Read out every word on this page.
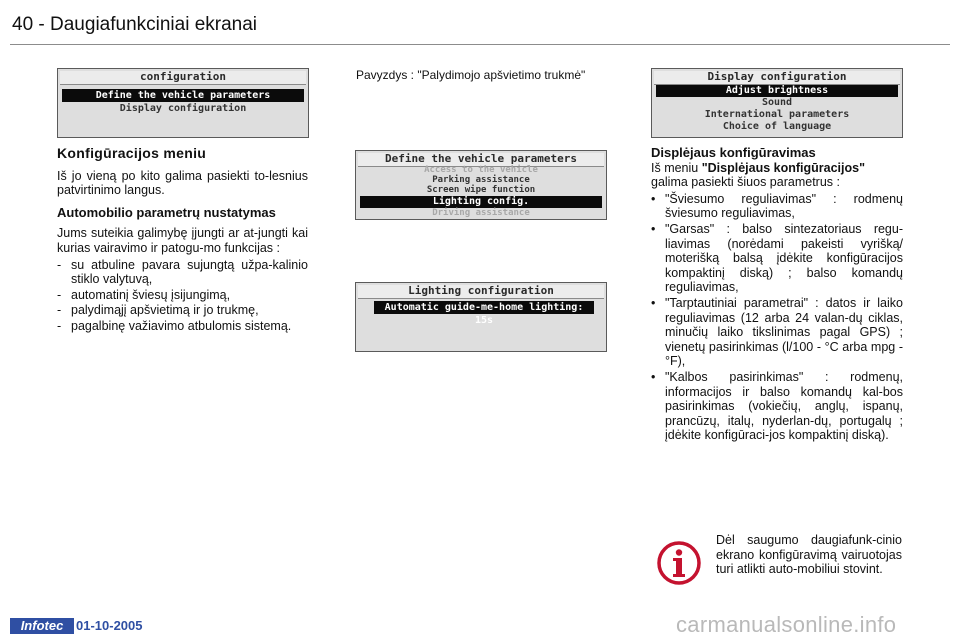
40 - Daugiafunkciniai ekranai
configuration
Define the vehicle parameters
Display configuration
Pavyzdys : "Palydimojo apšvietimo trukmė"
Define the vehicle parameters
Access to the vehicle
Parking assistance
Screen wipe function
Lighting config.
Driving assistance
Lighting configuration
Automatic guide-me-home lighting: 15s
Display configuration
Adjust brightness
Sound
International parameters
Choice of language
Konfigūracijos meniu

Iš jo vieną po kito galima pasiekti to-lesnius patvirtinimo langus.

Automobilio parametrų nustatymas

Jums suteikia galimybę įjungti ar at-jungti kai kurias vairavimo ir patogu-mo funkcijas :

- su atbuline pavara sujungtą užpa-kalinio stiklo valytuvą,
- automatinį šviesų įsijungimą,
- palydimąjį apšvietimą ir jo trukmę,
- pagalbinę važiavimo atbulomis sistemą.
Displėjaus konfigūravimas
Iš meniu "Displėjaus konfigūracijos"
galima pasiekti šiuos parametrus :
• "Šviesumo reguliavimas" : rodmenų šviesumo reguliavimas,
• "Garsas" : balso sintezatoriaus regu-liavimas (norėdami pakeisti vyrišką/ moterišką balsą įdėkite konfigūracijos kompaktinį diską) ; balso komandų reguliavimas,
• "Tarptautiniai parametrai" : datos ir laiko reguliavimas (12 arba 24 valan-dų ciklas, minučių laiko tikslinimas pagal GPS) ; vienetų pasirinkimas (l/100 - °C arba mpg - °F),
• "Kalbos pasirinkimas" : rodmenų, informacijos ir balso komandų kal-bos pasirinkimas (vokiečių, anglų, ispanų, prancūzų, italų, nyderlan-dų, portugalų ; įdėkite konfigūraci-jos kompaktinį diską).
Dėl saugumo daugiafunk-cinio ekrano konfigūravimą vairuotojas turi atlikti auto-mobiliui stovint.
Infotec 01-10-2005	carmanualsonline.info
